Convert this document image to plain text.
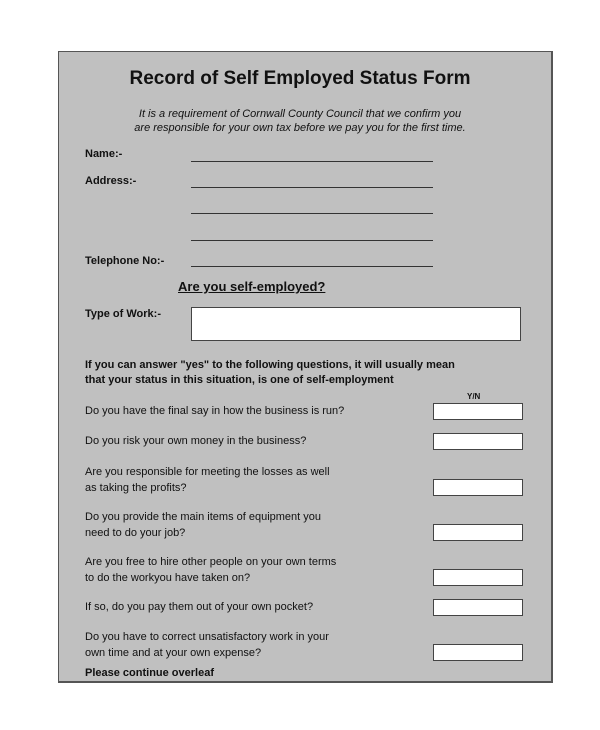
Record of Self Employed Status Form
It is a requirement of Cornwall County Council that we confirm you
are responsible for your own tax before we pay you for the first time.
Name:-
Address:-
Telephone No:-
Are you self-employed?
Type of Work:-
If you can answer "yes" to the following questions, it will usually mean
that your status in this situation, is one of self-employment
Y/N
Do you have the final say in how the business is run?
Do you risk your own money in the business?
Are you responsible for meeting the losses as well
as taking the profits?
Do you provide the main items of equipment you
need to do your job?
Are you free to hire other people on your own terms
to do the workyou have taken on?
If so, do you pay them out of your own pocket?
Do you have to correct unsatisfactory work in your
own time and at your own expense?
Please continue overleaf
